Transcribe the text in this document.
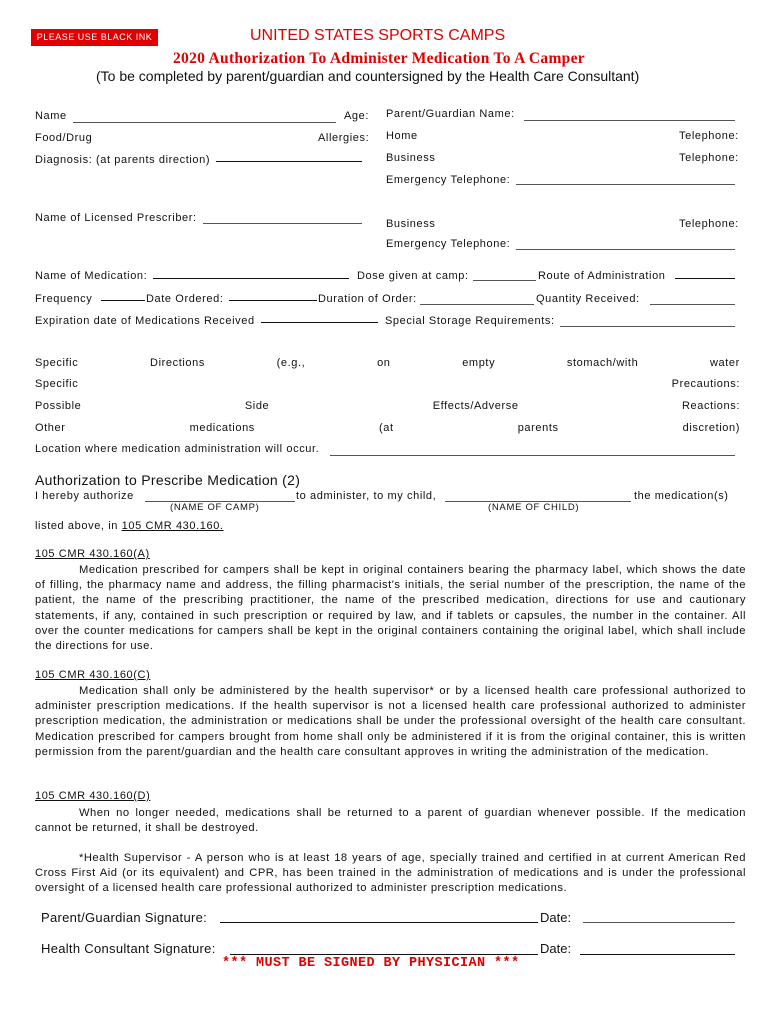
PLEASE USE BLACK INK	UNITED STATES SPORTS CAMPS
2020 Authorization To Administer Medication To A Camper
(To be completed by parent/guardian and countersigned by the Health Care Consultant)
Name	Age: Parent/Guardian Name:
Food/Drug	Allergies: Home	Telephone:
Diagnosis: (at parents direction)	Business	Telephone:
Emergency Telephone:
Name of Licensed Prescriber:	Business	Telephone:
Emergency Telephone:
Name of Medication:	Dose given at camp:	Route of Administration
Frequency	Date Ordered:	Duration of Order:	Quantity Received:
Expiration date of Medications Received	Special Storage Requirements:
Specific	Directions	(e.g.,	on	empty	stomach/with	water
Specific	Precautions:
Possible	Side	Effects/Adverse	Reactions:
Other	medications	(at	parents	discretion)
Location where medication administration will occur.
Authorization to Prescribe Medication (2)
I hereby authorize	to administer, to my child,	the medication(s)
(NAME OF CAMP)	(NAME OF CHILD)
listed above, in 105 CMR 430.160.
105 CMR 430.160(A)
Medication prescribed for campers shall be kept in original containers bearing the pharmacy label, which shows the date of filling, the pharmacy name and address, the filling pharmacist's initials, the serial number of the prescription, the name of the patient, the name of the prescribing practitioner, the name of the prescribed medication, directions for use and cautionary statements, if any, contained in such prescription or required by law, and if tablets or capsules, the number in the container. All over the counter medications for campers shall be kept in the original containers containing the original label, which shall include the directions for use.
105 CMR 430.160(C)
Medication shall only be administered by the health supervisor* or by a licensed health care professional authorized to administer prescription medications. If the health supervisor is not a licensed health care professional authorized to administer prescription medication, the administration or medications shall be under the professional oversight of the health care consultant. Medication prescribed for campers brought from home shall only be administered if it is from the original container, this is written permission from the parent/guardian and the health care consultant approves in writing the administration of the medication.
105 CMR 430.160(D)
When no longer needed, medications shall be returned to a parent of guardian whenever possible. If the medication cannot be returned, it shall be destroyed.
*Health Supervisor - A person who is at least 18 years of age, specially trained and certified in at current American Red Cross First Aid (or its equivalent) and CPR, has been trained in the administration of medications and is under the professional oversight of a licensed health care professional authorized to administer prescription medications.
Parent/Guardian Signature:	Date:
Health Consultant Signature:	Date:
*** MUST BE SIGNED BY PHYSICIAN ***
